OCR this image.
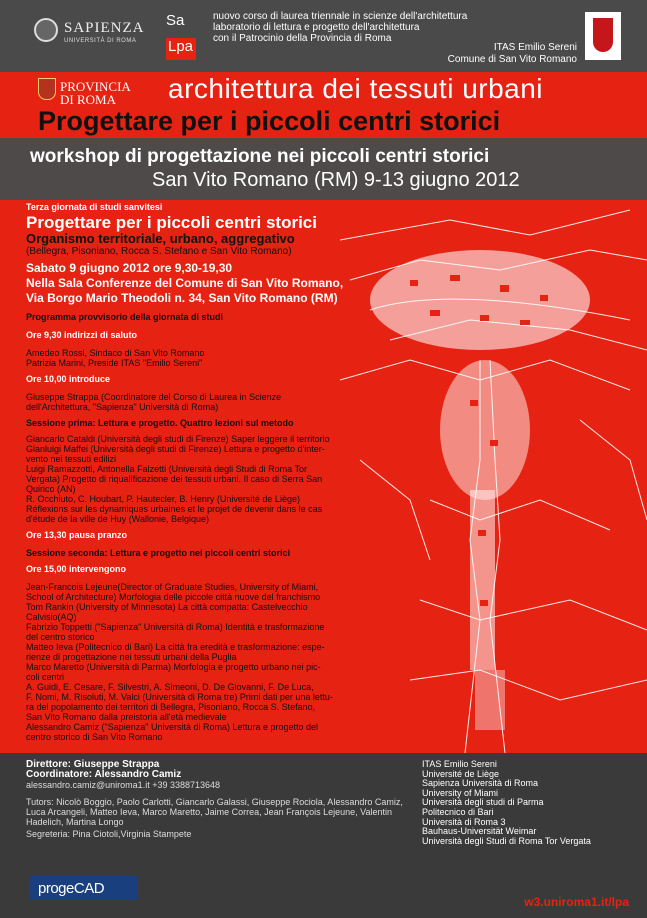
SAPIENZA
UNIVERSITÀ DI ROMA
Sa
Lpa
nuovo corso di laurea triennale in scienze dell'architettura
laboratorio di lettura e progetto dell'architettura
con il Patrocinio della Provincia di Roma
ITAS Emilio Sereni
Comune di San Vito Romano
PROVINCIA
DI ROMA	architettura dei tessuti urbani
Progettare per i piccoli centri storici
workshop di progettazione nei piccoli centri storici
San Vito Romano (RM) 9-13 giugno 2012
Terza giornata di studi sanvitesi
Progettare per i piccoli centri storici
Organismo territoriale, urbano, aggregativo
(Bellegra, Pisoniano, Rocca S. Stefano e San Vito Romano)
Sabato 9 giugno 2012 ore 9,30-19,30
Nella Sala Conferenze del Comune di San Vito Romano,
Via Borgo Mario Theodoli n. 34, San Vito Romano (RM)
Programma provvisorio della giornata di studi
Ore 9,30 indirizzi di saluto
Amedeo Rossi, Sindaco di San Vito Romano
Patrizia Marini, Preside ITAS "Emilio Sereni"
Ore 10,00 introduce
Giuseppe Strappa (Coordinatore del Corso di Laurea in Scienze
dell'Architettura, "Sapienza" Università di Roma)
Sessione prima: Lettura e progetto. Quattro lezioni sul metodo
Giancarlo Cataldi (Università degli studi di Firenze) Saper leggere il territorio
Gianluigi Maffei (Università degli studi di Firenze) Lettura e progetto d'inter-
vento nei tessuti edilizi
Luigi Ramazzotti, Antonella Falzetti (Università degli Studi di Roma Tor
Vergata) Progetto di riqualificazione dei tessuti urbani. Il caso di Serra San
Quirico (AN)
R. Occhiuto, C. Houbart, P. Hautecler, B. Henry (Université de Liège)
Réflexions sur les dynamiques urbaines et le projet de devenir dans le cas
d'étude de la ville de Huy (Wallonie, Belgique)
Ore 13,30 pausa pranzo
Sessione seconda: Lettura e progetto nei piccoli centri storici
Ore 15,00 intervengono
Jean-Francois Lejeune(Director of Graduate Studies, University of Miami,
School of Architecture) Morfologia delle piccole città nuove del franchismo
Tom Rankin (University of Minnesota) La città compatta: Castelvecchio
Calvisio(AQ)
Fabrizio Toppetti ("Sapienza" Università di Roma) Identità e trasformazione
del centro storico
Matteo Ieva (Politecnico di Bari) La città fra eredità e trasformazione: espe-
rienze di progettazione nei tessuti urbani della Puglia
Marco Maretto (Università di Parma) Morfologia e progetto urbano nei pic-
coli centri
A. Guidi, E. Cesare, F. Silvestri, A. Simeoni, D. De Giovanni, F. De Luca,
F. Nomi, M. Risoluti, M. Valci (Università di Roma tre) Primi dati per una lettu-
ra del popolamento dei territori di Bellegra, Pisoniano, Rocca S. Stefano,
San Vito Romano dalla preistoria all'età medievale
Alessandro Camiz ("Sapienza" Università di Roma) Lettura e progetto del
centro storico di San Vito Romano
Direttore: Giuseppe Strappa
Coordinatore: Alessandro Camiz
alessandro.camiz@uniroma1.it +39 3388713648
Tutors: Nicolò Boggio, Paolo Carlotti, Giancarlo Galassi, Giuseppe Rociola, Alessandro Camiz, Luca Arcangeli, Matteo Ieva, Marco Maretto, Jaime Correa, Jean François Lejeune, Valentin Hadelich, Martina Longo
Segreteria: Pina Ciotoli,Virginia Stampete
ITAS Emilio Sereni
Université de Liège
Sapienza Università di Roma
University of Miami
Università degli studi di Parma
Politecnico di Bari
Università di Roma 3
Bauhaus-Universität Weimar
Università degli Studi di Roma Tor Vergata
progeCAD
w3.uniroma1.it/lpa
